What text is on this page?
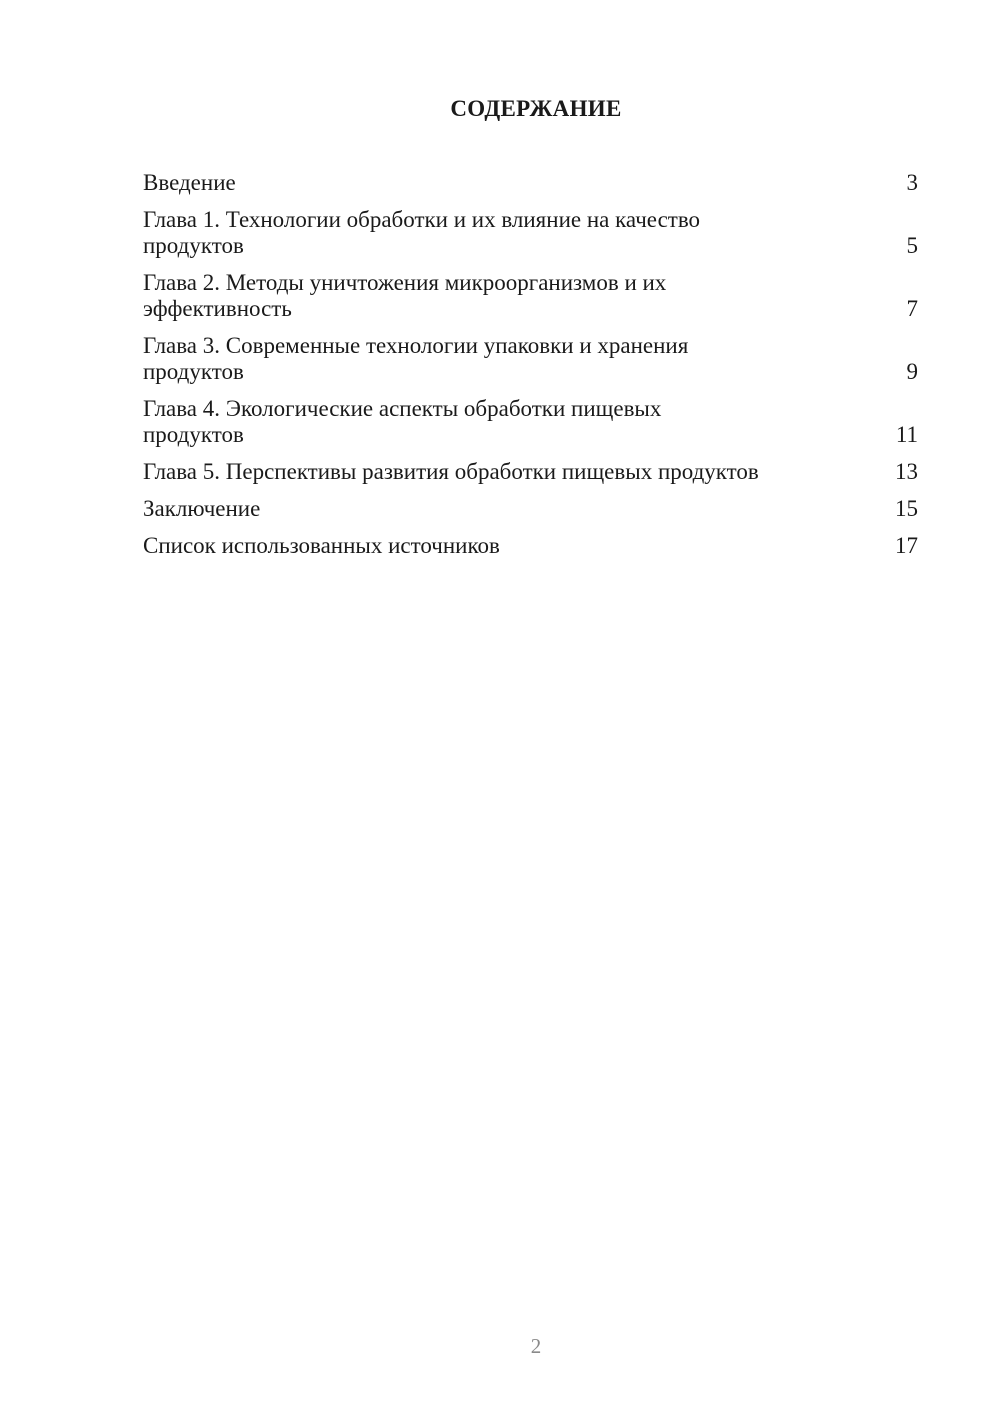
СОДЕРЖАНИЕ
Введение	3
Глава 1. Технологии обработки и их влияние на качество продуктов	5
Глава 2. Методы уничтожения микроорганизмов и их эффективность	7
Глава 3. Современные технологии упаковки и хранения продуктов	9
Глава 4. Экологические аспекты обработки пищевых продуктов	11
Глава 5. Перспективы развития обработки пищевых продуктов	13
Заключение	15
Список использованных источников	17
2
